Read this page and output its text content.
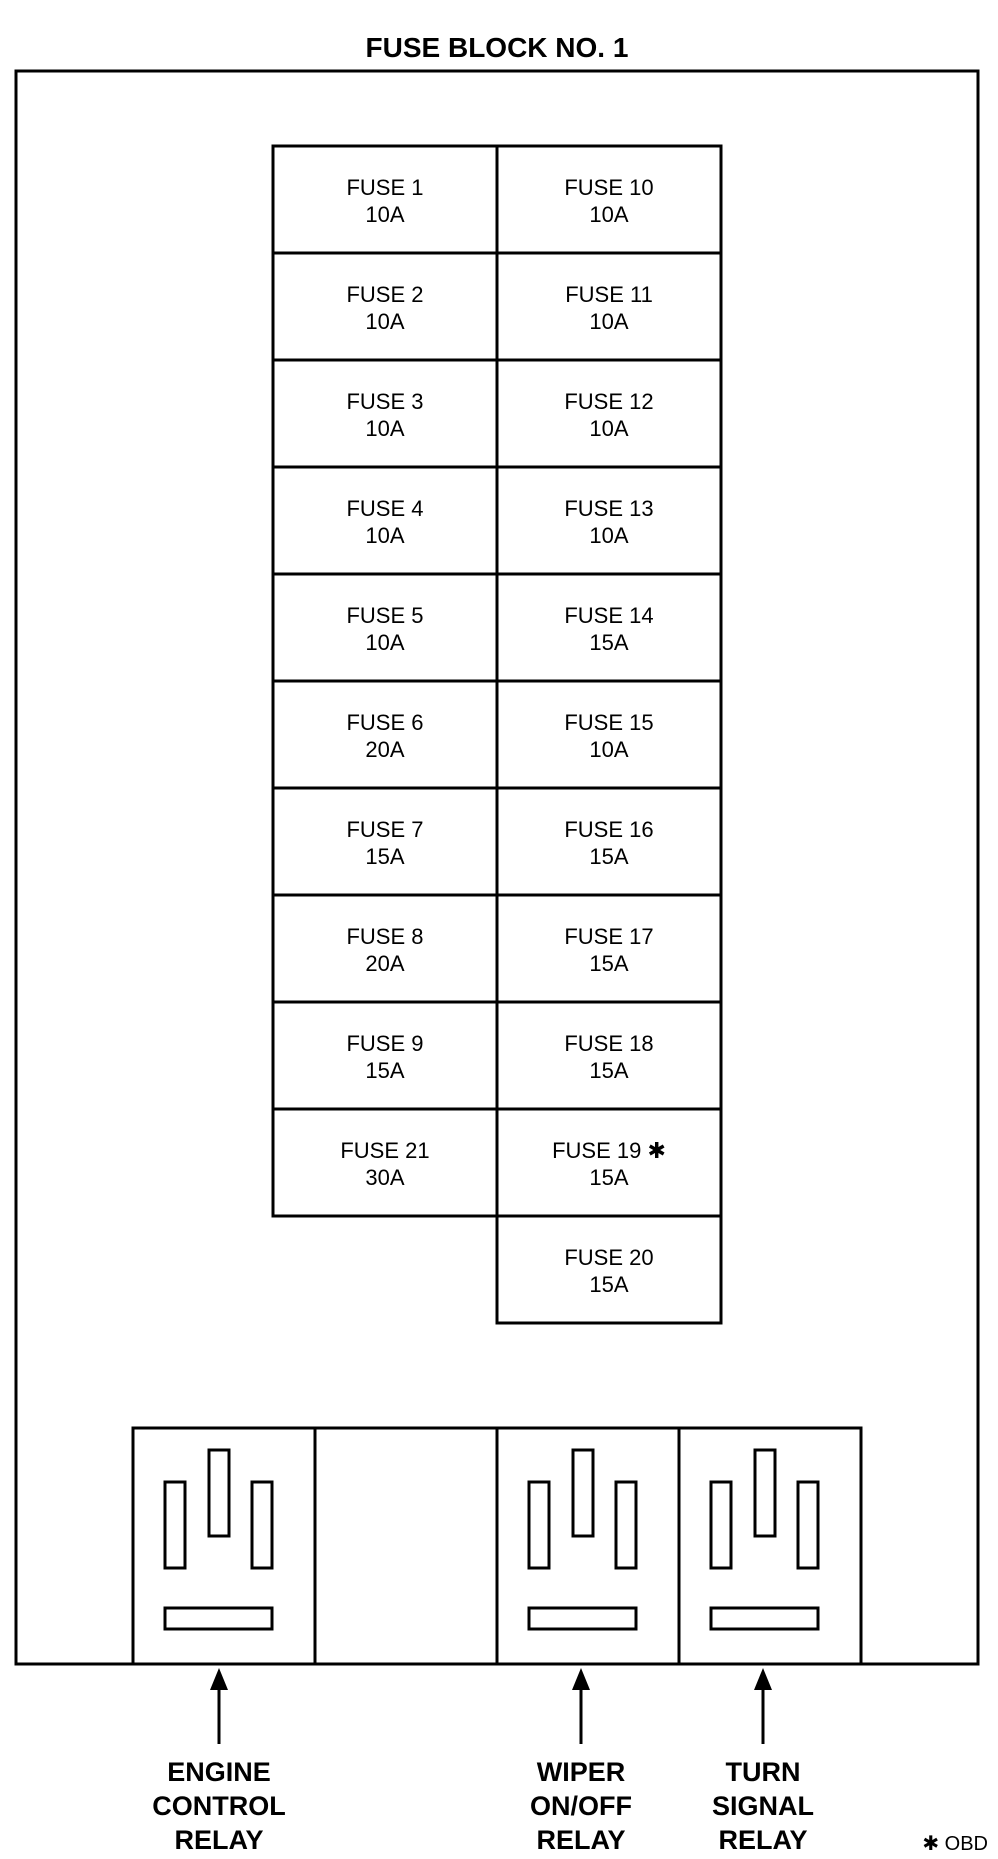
FUSE BLOCK NO. 1
FUSE 1
10A
FUSE 2
10A
FUSE 3
10A
FUSE 4
10A
FUSE 5
10A
FUSE 6
20A
FUSE 7
15A
FUSE 8
20A
FUSE 9
15A
FUSE 21
30A
FUSE 10
10A
FUSE 11
10A
FUSE 12
10A
FUSE 13
10A
FUSE 14
15A
FUSE 15
10A
FUSE 16
15A
FUSE 17
15A
FUSE 18
15A
FUSE 19 ✱
15A
FUSE 20
15A
ENGINE
CONTROL
RELAY
WIPER
ON/OFF
RELAY
TURN
SIGNAL
RELAY	✱ OBD
